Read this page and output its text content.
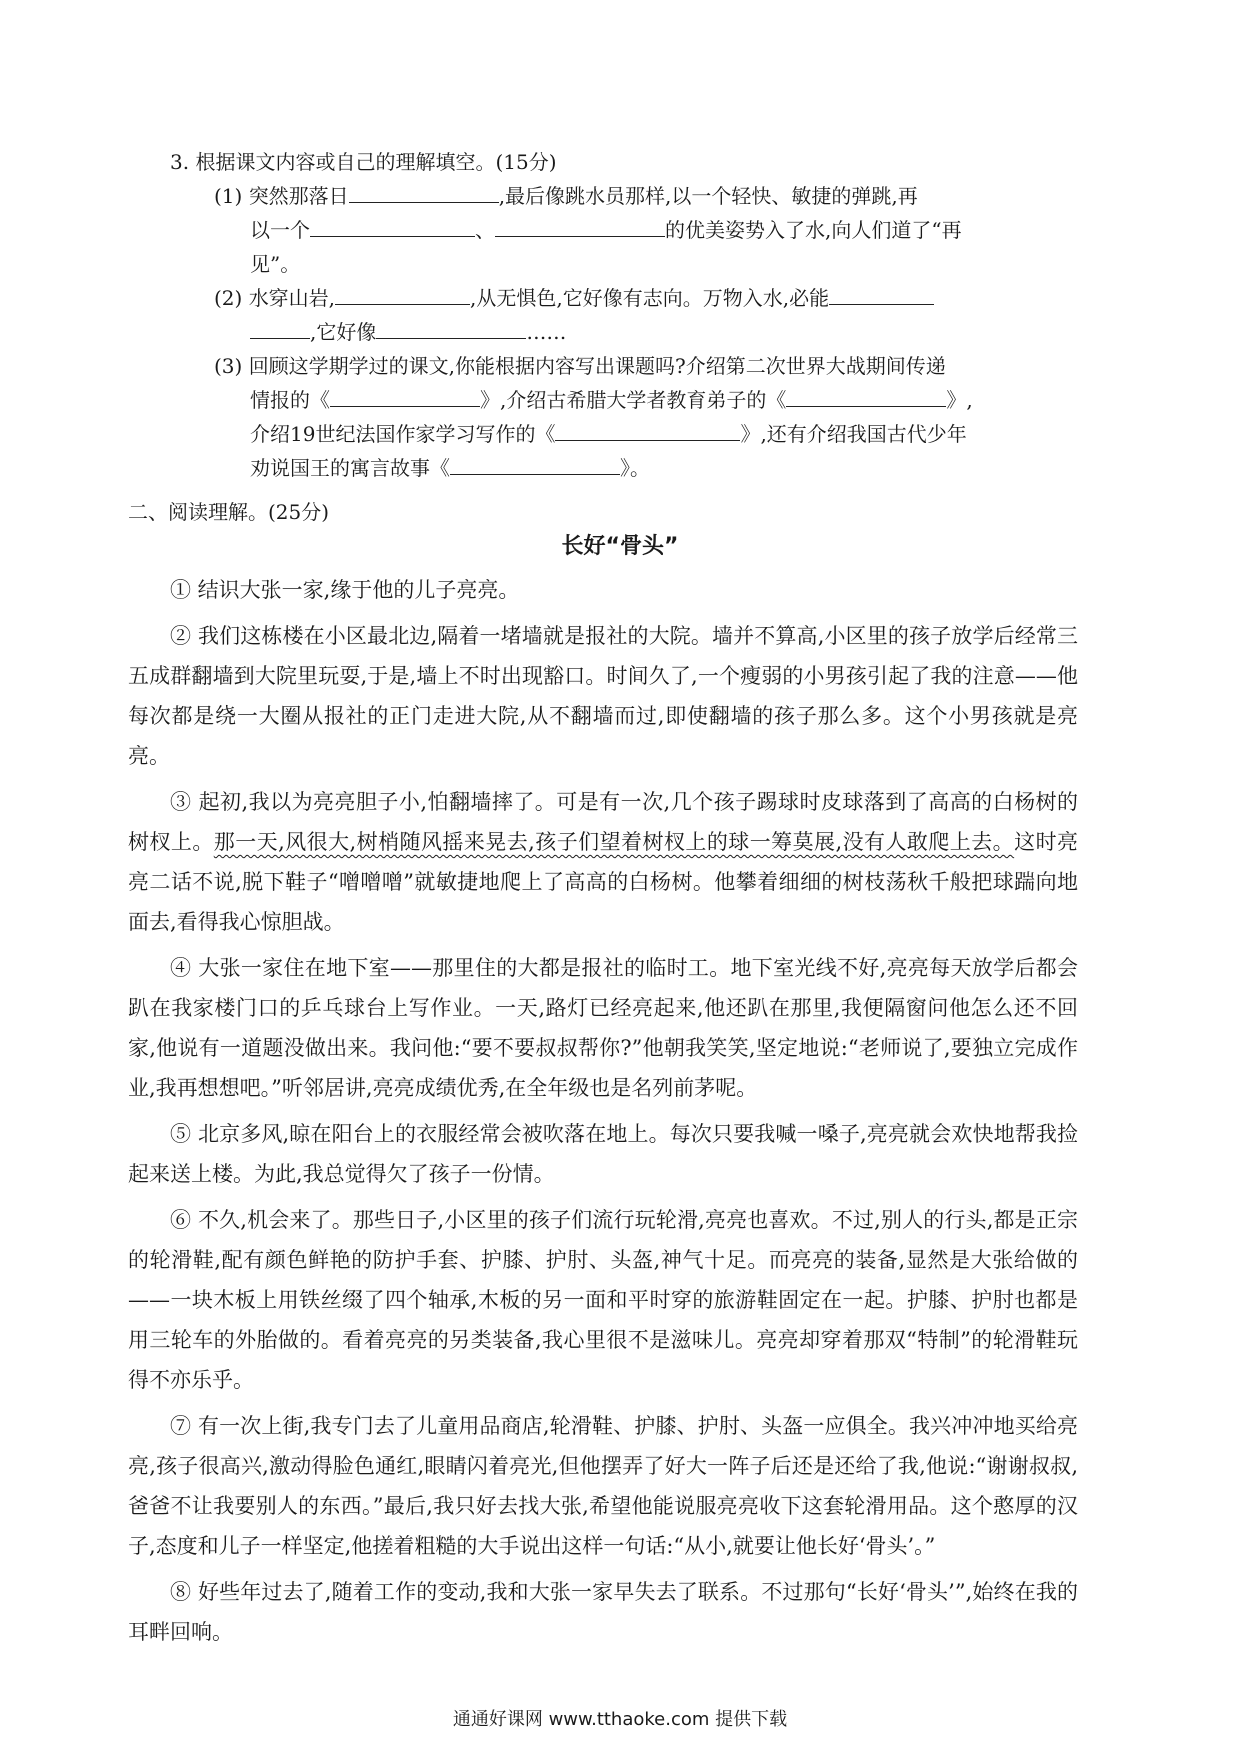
3. 根据课文内容或自己的理解填空。(15分)

(1) 突然那落日	,最后像跳水员那样,以一个轻快、敏捷的弹跳,再

以一个	、	的优美姿势入了水,向人们道了“再

见”。

(2) 水穿山岩,	,从无惧色,它好像有志向。万物入水,必能

,它好像	……

(3) 回顾这学期学过的课文,你能根据内容写出课题吗?介绍第二次世界大战期间传递

情报的《	》,介绍古希腊大学者教育弟子的《	》,

介绍19世纪法国作家学习写作的《	》,还有介绍我国古代少年

劝说国王的寓言故事《	》。

二、阅读理解。(25分)
长好“骨头”

① 结识大张一家,缘于他的儿子亮亮。

② 我们这栋楼在小区最北边,隔着一堵墙就是报社的大院。墙并不算高,小区里的孩子放学后经常三五成群翻墙到大院里玩耍,于是,墙上不时出现豁口。时间久了,一个瘦弱的小男孩引起了我的注意——他每次都是绕一大圈从报社的正门走进大院,从不翻墙而过,即使翻墙的孩子那么多。这个小男孩就是亮亮。

③ 起初,我以为亮亮胆子小,怕翻墙摔了。可是有一次,几个孩子踢球时皮球落到了高高的白杨树的树杈上。那一天,风很大,树梢随风摇来晃去,孩子们望着树杈上的球一筹莫展,没有人敢爬上去。这时亮亮二话不说,脱下鞋子“噌噌噌”就敏捷地爬上了高高的白杨树。他攀着细细的树枝荡秋千般把球踹向地面去,看得我心惊胆战。

④ 大张一家住在地下室——那里住的大都是报社的临时工。地下室光线不好,亮亮每天放学后都会趴在我家楼门口的乒乓球台上写作业。一天,路灯已经亮起来,他还趴在那里,我便隔窗问他怎么还不回家,他说有一道题没做出来。我问他:“要不要叔叔帮你?”他朝我笑笑,坚定地说:“老师说了,要独立完成作业,我再想想吧。”听邻居讲,亮亮成绩优秀,在全年级也是名列前茅呢。

⑤ 北京多风,晾在阳台上的衣服经常会被吹落在地上。每次只要我喊一嗓子,亮亮就会欢快地帮我捡起来送上楼。为此,我总觉得欠了孩子一份情。

⑥ 不久,机会来了。那些日子,小区里的孩子们流行玩轮滑,亮亮也喜欢。不过,别人的行头,都是正宗的轮滑鞋,配有颜色鲜艳的防护手套、护膝、护肘、头盔,神气十足。而亮亮的装备,显然是大张给做的——一块木板上用铁丝缀了四个轴承,木板的另一面和平时穿的旅游鞋固定在一起。护膝、护肘也都是用三轮车的外胎做的。看着亮亮的另类装备,我心里很不是滋味儿。亮亮却穿着那双“特制”的轮滑鞋玩得不亦乐乎。

⑦ 有一次上街,我专门去了儿童用品商店,轮滑鞋、护膝、护肘、头盔一应俱全。我兴冲冲地买给亮亮,孩子很高兴,激动得脸色通红,眼睛闪着亮光,但他摆弄了好大一阵子后还是还给了我,他说:“谢谢叔叔,爸爸不让我要别人的东西。”最后,我只好去找大张,希望他能说服亮亮收下这套轮滑用品。这个憨厚的汉子,态度和儿子一样坚定,他搓着粗糙的大手说出这样一句话:“从小,就要让他长好‘骨头’。”

⑧ 好些年过去了,随着工作的变动,我和大张一家早失去了联系。不过那句“长好‘骨头’”,始终在我的耳畔回响。

通通好课网 www.tthaoke.com 提供下载
